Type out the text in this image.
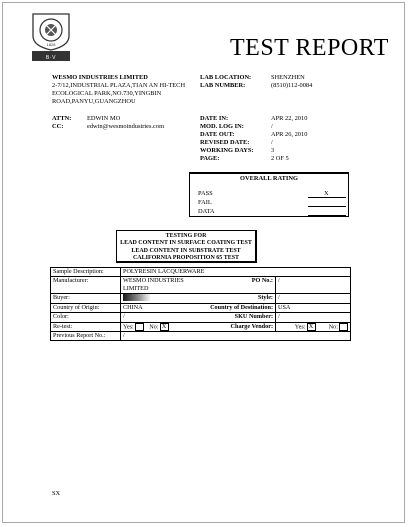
1828
B·V	TEST REPORT
WESMO INDUSTRIES LIMITED
2-7/12,INDUSTRIAL PLAZA,TIAN AN HI-TECH
ECOLOGICAL PARK,NO.730,YINGBIN
ROAD,PANYU,GUANGZHOU
LAB LOCATION:	SHENZHEN
LAB NUMBER:	(8510)112-0084
ATTN: EDWIN MO
CC:	edwin@wesmoindustries.com
DATE IN:	APR 22, 2010
MOD. LOG IN:	/
DATE OUT:	APR 26, 2010
REVISED DATE:	/
WORKING DAYS:	3
PAGE:	2 OF 5
OVERALL RATING
PASS	X
FAIL
DATA
TESTING FOR
LEAD CONTENT IN SURFACE COATING TEST
LEAD CONTENT IN SUBSTRATE TEST
CALIFORNIA PROPOSITION 65 TEST
Sample Description:	POLYRESIN LACQUERWARE						
Manufacturer:	WESMO INDUSTRIES
LIMITED				PO No.:	/	
Buyer:					Style:	/	
Country of Origin:	CHINA			Country of Destination:		USA	
Color:	/				SKU Number:	/	
Re-test:	Yes:	No: X		Charge Vendor:		Yes: X	No:
Previous Report No.:	/						
SX
